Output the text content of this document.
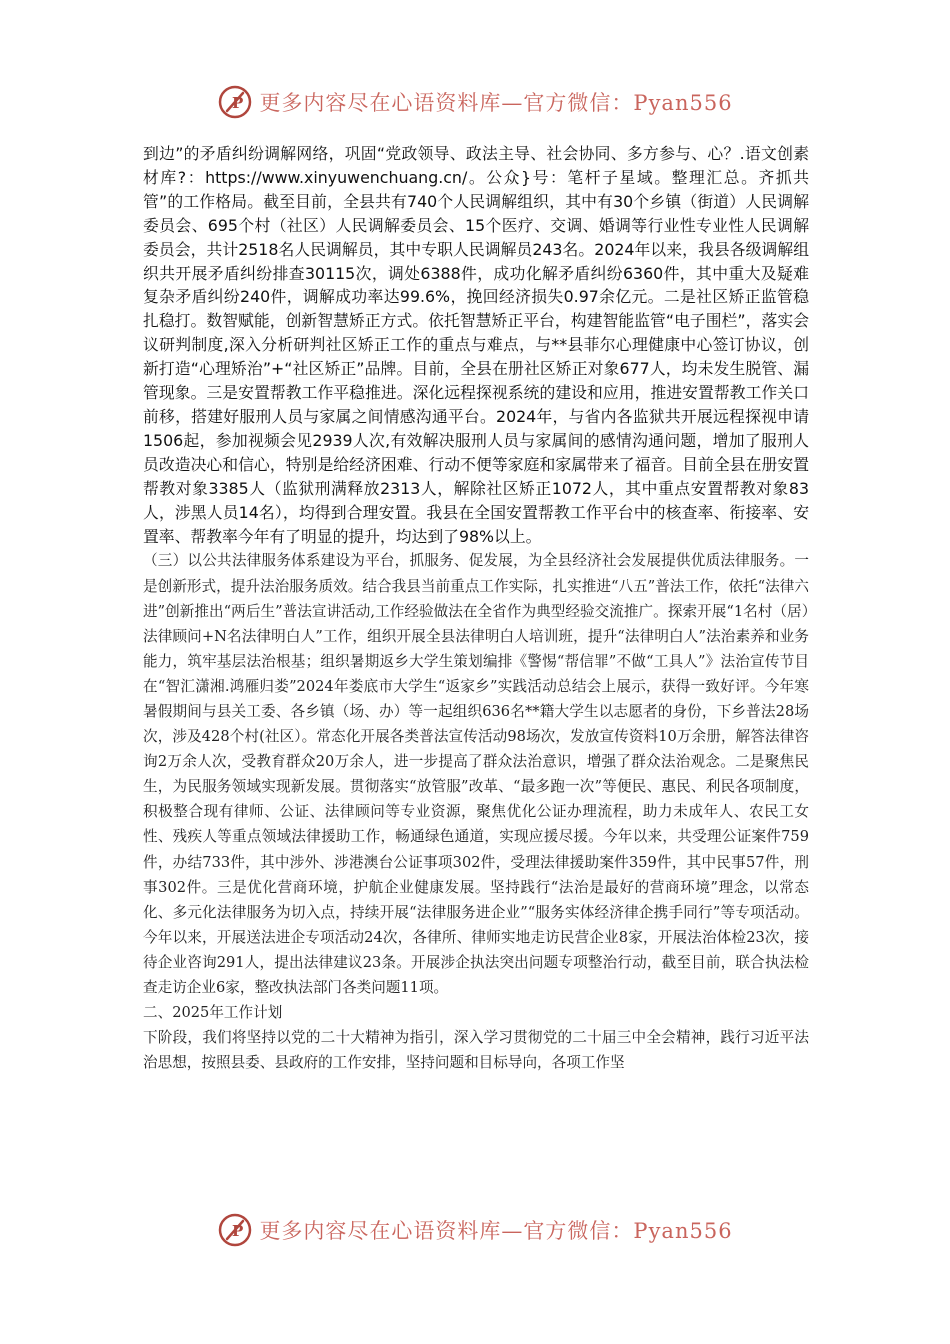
P 更多内容尽在心语资料库—官方微信：Pyan556

到边”的矛盾纠纷调解网络，巩固“党政领导、政法主导、社会协同、多方参与、心？.语文创素材库?：https://www.xinyuwenchuang.cn/。公众}号：笔杆子星域。整理汇总。齐抓共管”的工作格局。截至目前，全县共有740个人民调解组织，其中有30个乡镇（街道）人民调解委员会、695个村（社区）人民调解委员会、15个医疗、交调、婚调等行业性专业性人民调解委员会，共计2518名人民调解员，其中专职人民调解员243名。2024年以来，我县各级调解组织共开展矛盾纠纷排查30115次，调处6388件，成功化解矛盾纠纷6360件，其中重大及疑难复杂矛盾纠纷240件，调解成功率达99.6%，挽回经济损失0.97余亿元。二是社区矫正监管稳扎稳打。数智赋能，创新智慧矫正方式。依托智慧矫正平台，构建智能监管“电子围栏”，落实会议研判制度,深入分析研判社区矫正工作的重点与难点，与**县菲尔心理健康中心签订协议，创新打造“心理矫治”+“社区矫正”品牌。目前，全县在册社区矫正对象677人，均未发生脱管、漏管现象。三是安置帮教工作平稳推进。深化远程探视系统的建设和应用，推进安置帮教工作关口前移，搭建好服刑人员与家属之间情感沟通平台。2024年，与省内各监狱共开展远程探视申请1506起，参加视频会见2939人次,有效解决服刑人员与家属间的感情沟通问题，增加了服刑人员改造决心和信心，特别是给经济困难、行动不便等家庭和家属带来了福音。目前全县在册安置帮教对象3385人（监狱刑满释放2313人，解除社区矫正1072人，其中重点安置帮教对象83人，涉黑人员14名），均得到合理安置。我县在全国安置帮教工作平台中的核查率、衔接率、安置率、帮教率今年有了明显的提升，均达到了98%以上。

（三）以公共法律服务体系建设为平台，抓服务、促发展，为全县经济社会发展提供优质法律服务。一是创新形式，提升法治服务质效。结合我县当前重点工作实际，扎实推进“八五”普法工作，依托“法律六进”创新推出“两后生”普法宣讲活动,工作经验做法在全省作为典型经验交流推广。探索开展“1名村（居）法律顾问+N名法律明白人”工作，组织开展全县法律明白人培训班，提升“法律明白人”法治素养和业务能力，筑牢基层法治根基；组织暑期返乡大学生策划编排《警惕“帮信罪”不做“工具人”》法治宣传节目在“智汇潇湘.鸿雁归娄”2024年娄底市大学生“返家乡”实践活动总结会上展示，获得一致好评。今年寒暑假期间与县关工委、各乡镇（场、办）等一起组织636名**籍大学生以志愿者的身份，下乡普法28场次，涉及428个村(社区）。常态化开展各类普法宣传活动98场次，发放宣传资料10万余册，解答法律咨询2万余人次，受教育群众20万余人，进一步提高了群众法治意识，增强了群众法治观念。二是聚焦民生，为民服务领域实现新发展。贯彻落实“放管服”改革、“最多跑一次”等便民、惠民、利民各项制度，积极整合现有律师、公证、法律顾问等专业资源，聚焦优化公证办理流程，助力未成年人、农民工女性、残疾人等重点领域法律援助工作，畅通绿色通道，实现应援尽援。今年以来，共受理公证案件759件，办结733件，其中涉外、涉港澳台公证事项302件，受理法律援助案件359件，其中民事57件，刑事302件。三是优化营商环境，护航企业健康发展。坚持践行“法治是最好的营商环境”理念，以常态化、多元化法律服务为切入点，持续开展“法律服务进企业”“服务实体经济律企携手同行”等专项活动。今年以来，开展送法进企专项活动24次，各律所、律师实地走访民营企业8家，开展法治体检23次，接待企业咨询291人，提出法律建议23条。开展涉企执法突出问题专项整治行动，截至目前，联合执法检查走访企业6家，整改执法部门各类问题11项。

二、2025年工作计划

下阶段，我们将坚持以党的二十大精神为指引，深入学习贯彻党的二十届三中全会精神，践行习近平法治思想，按照县委、县政府的工作安排，坚持问题和目标导向，各项工作坚

P 更多内容尽在心语资料库—官方微信：Pyan556
